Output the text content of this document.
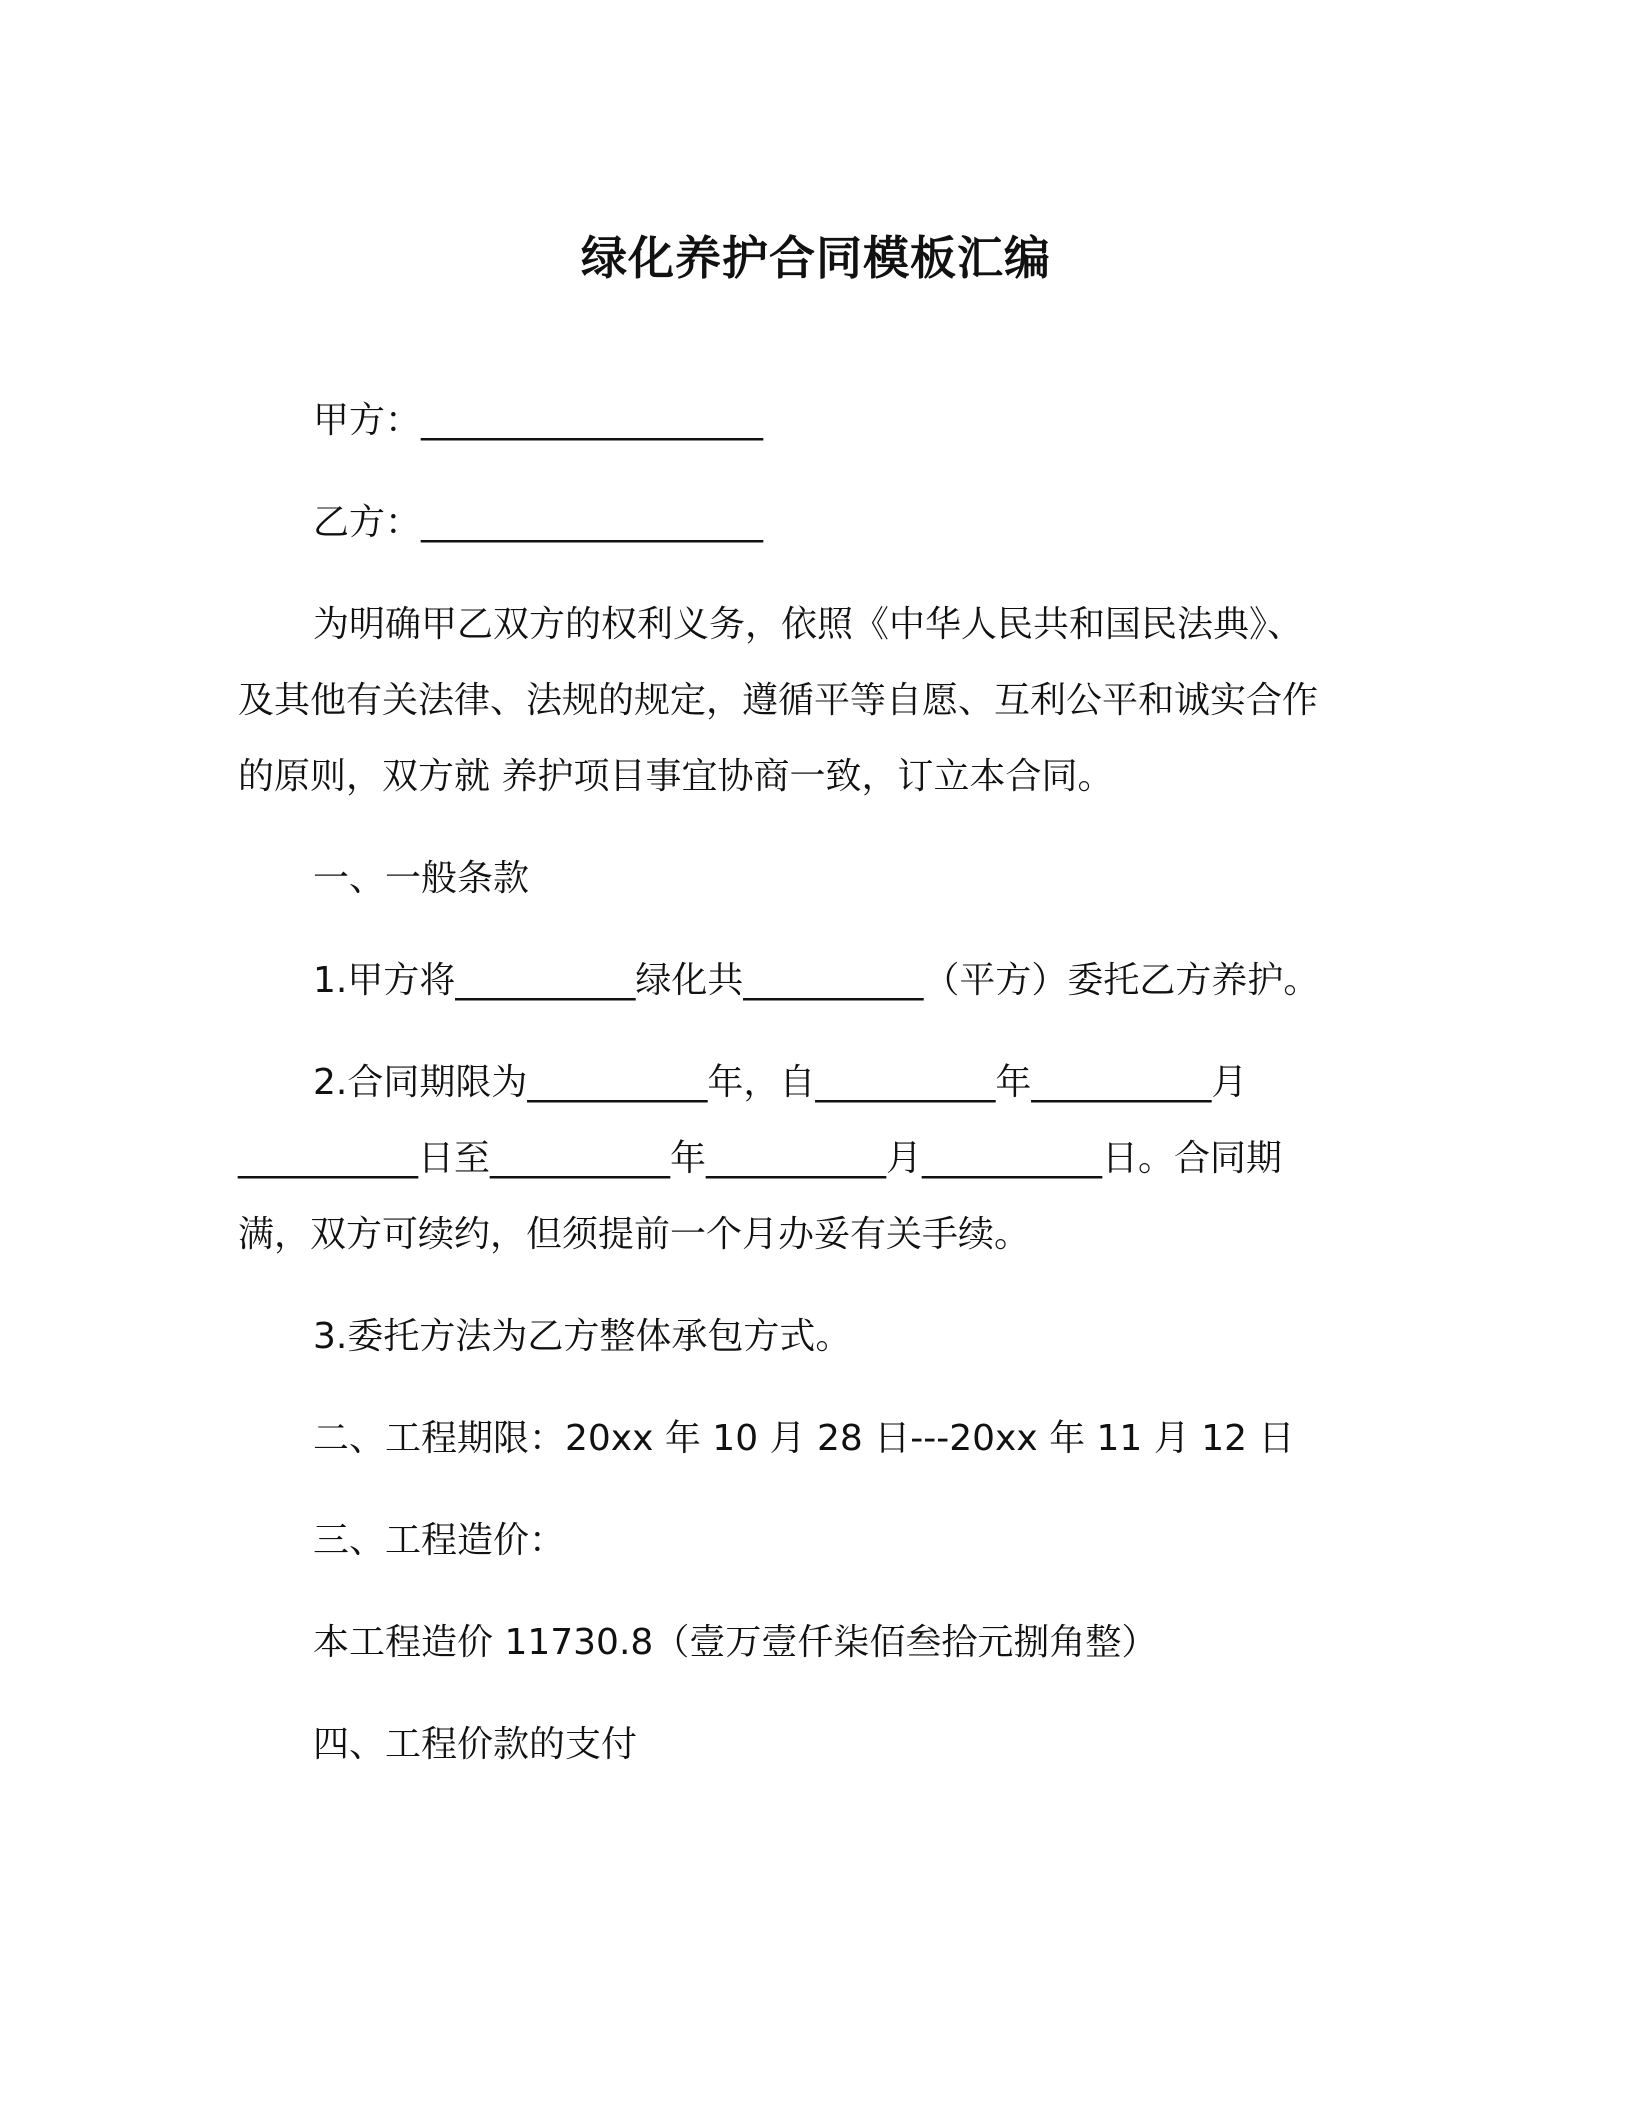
绿化养护合同模板汇编
甲方：___________________
乙方：___________________
为明确甲乙双方的权利义务，依照《中华人民共和国民法典》、
及其他有关法律、法规的规定，遵循平等自愿、互利公平和诚实合作
的原则，双方就 养护项目事宜协商一致，订立本合同。
一、一般条款
1.甲方将__________绿化共__________（平方）委托乙方养护。
2.合同期限为__________年，自__________年__________月
__________日至__________年__________月__________日。合同期
满，双方可续约，但须提前一个月办妥有关手续。
3.委托方法为乙方整体承包方式。
二、工程期限：20xx 年 10 月 28 日---20xx 年 11 月 12 日
三、工程造价：
本工程造价 11730.8（壹万壹仟柒佰叁拾元捌角整）
四、工程价款的支付
